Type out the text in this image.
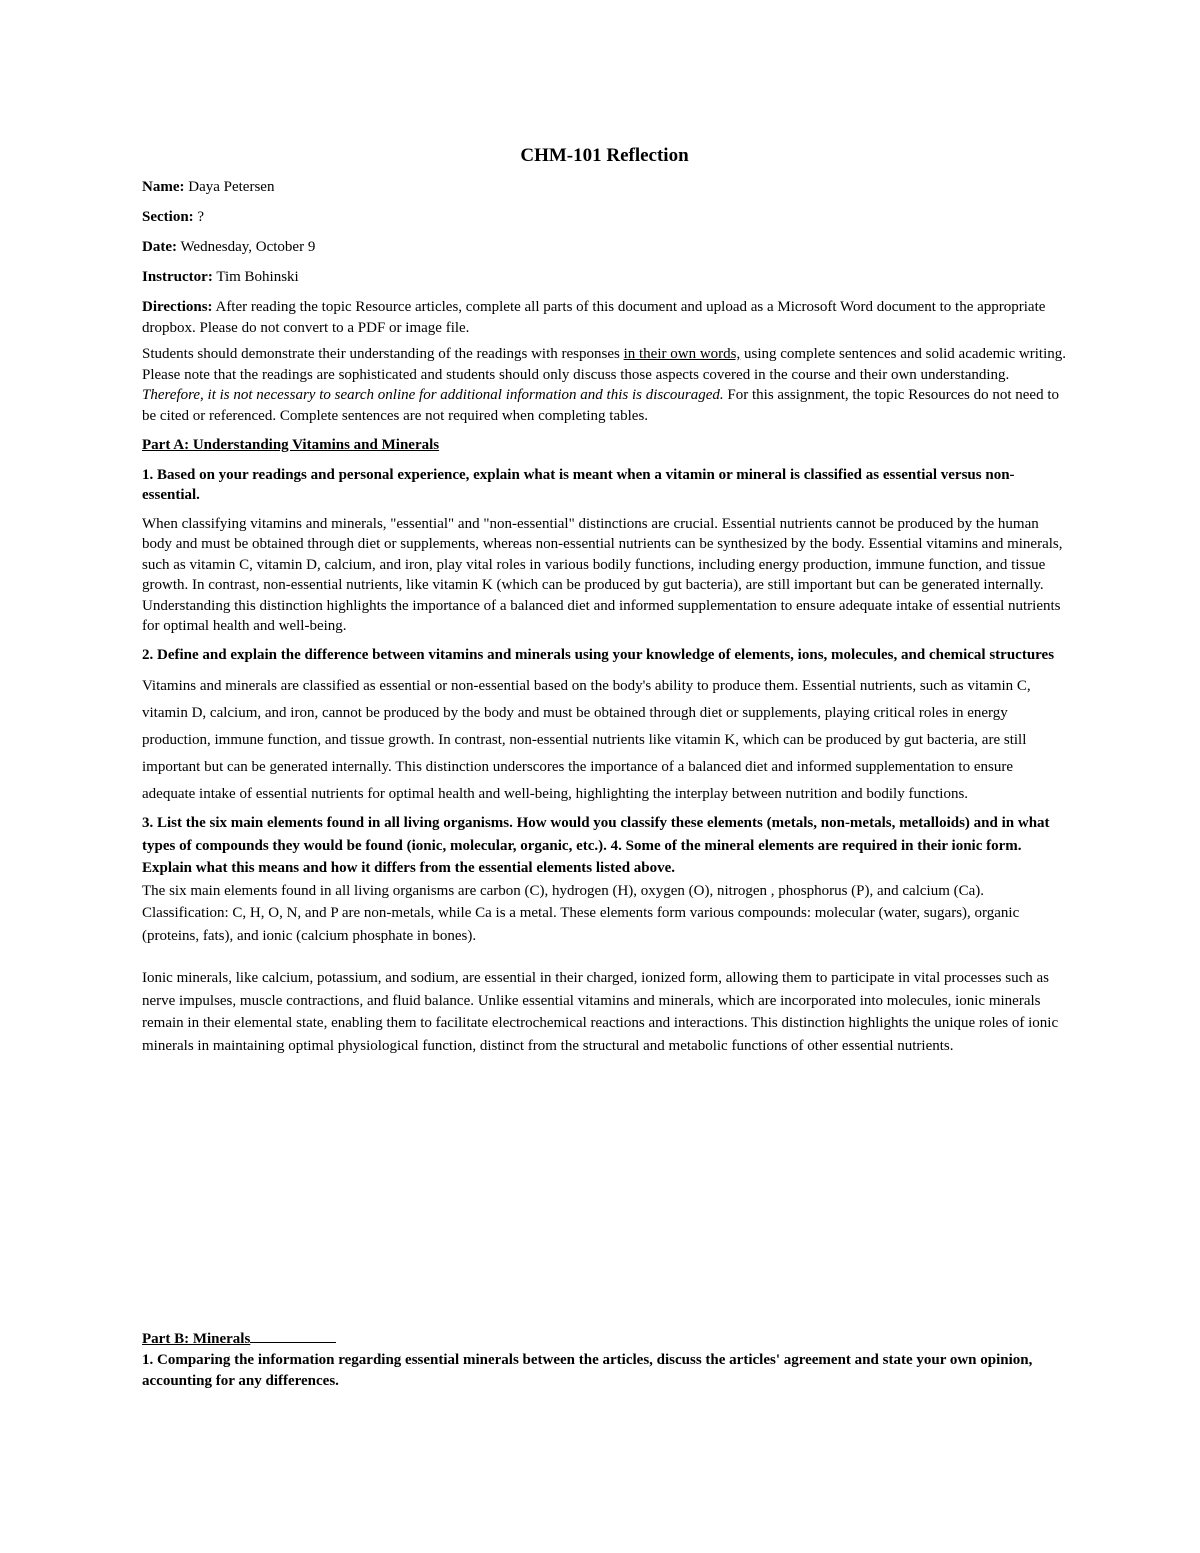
CHM-101 Reflection
Name: Daya Petersen
Section: ?
Date: Wednesday, October 9
Instructor: Tim Bohinski

Directions: After reading the topic Resource articles, complete all parts of this document and upload as a Microsoft Word document to the appropriate dropbox. Please do not convert to a PDF or image file.

Students should demonstrate their understanding of the readings with responses in their own words, using complete sentences and solid academic writing. Please note that the readings are sophisticated and students should only discuss those aspects covered in the course and their own understanding. Therefore, it is not necessary to search online for additional information and this is discouraged. For this assignment, the topic Resources do not need to be cited or referenced. Complete sentences are not required when completing tables.

Part A: Understanding Vitamins and Minerals

1. Based on your readings and personal experience, explain what is meant when a vitamin or mineral is classified as essential versus non-essential.

When classifying vitamins and minerals, "essential" and "non-essential" distinctions are crucial. Essential nutrients cannot be produced by the human body and must be obtained through diet or supplements, whereas non-essential nutrients can be synthesized by the body. Essential vitamins and minerals, such as vitamin C, vitamin D, calcium, and iron, play vital roles in various bodily functions, including energy production, immune function, and tissue growth. In contrast, non-essential nutrients, like vitamin K (which can be produced by gut bacteria), are still important but can be generated internally. Understanding this distinction highlights the importance of a balanced diet and informed supplementation to ensure adequate intake of essential nutrients for optimal health and well-being.

2. Define and explain the difference between vitamins and minerals using your knowledge of elements, ions, molecules, and chemical structures

Vitamins and minerals are classified as essential or non-essential based on the body's ability to produce them. Essential nutrients, such as vitamin C, vitamin D, calcium, and iron, cannot be produced by the body and must be obtained through diet or supplements, playing critical roles in energy production, immune function, and tissue growth. In contrast, non-essential nutrients like vitamin K, which can be produced by gut bacteria, are still important but can be generated internally. This distinction underscores the importance of a balanced diet and informed supplementation to ensure adequate intake of essential nutrients for optimal health and well-being, highlighting the interplay between nutrition and bodily functions.

3. List the six main elements found in all living organisms. How would you classify these elements (metals, non-metals, metalloids) and in what types of compounds they would be found (ionic, molecular, organic, etc.). 4. Some of the mineral elements are required in their ionic form. Explain what this means and how it differs from the essential elements listed above.

The six main elements found in all living organisms are carbon (C), hydrogen (H), oxygen (O), nitrogen , phosphorus (P), and calcium (Ca). Classification: C, H, O, N, and P are non-metals, while Ca is a metal. These elements form various compounds: molecular (water, sugars), organic (proteins, fats), and ionic (calcium phosphate in bones).

Ionic minerals, like calcium, potassium, and sodium, are essential in their charged, ionized form, allowing them to participate in vital processes such as nerve impulses, muscle contractions, and fluid balance. Unlike essential vitamins and minerals, which are incorporated into molecules, ionic minerals remain in their elemental state, enabling them to facilitate electrochemical reactions and interactions. This distinction highlights the unique roles of ionic minerals in maintaining optimal physiological function, distinct from the structural and metabolic functions of other essential nutrients.

Part B: Minerals

1. Comparing the information regarding essential minerals between the articles, discuss the articles' agreement and state your own opinion, accounting for any differences.
